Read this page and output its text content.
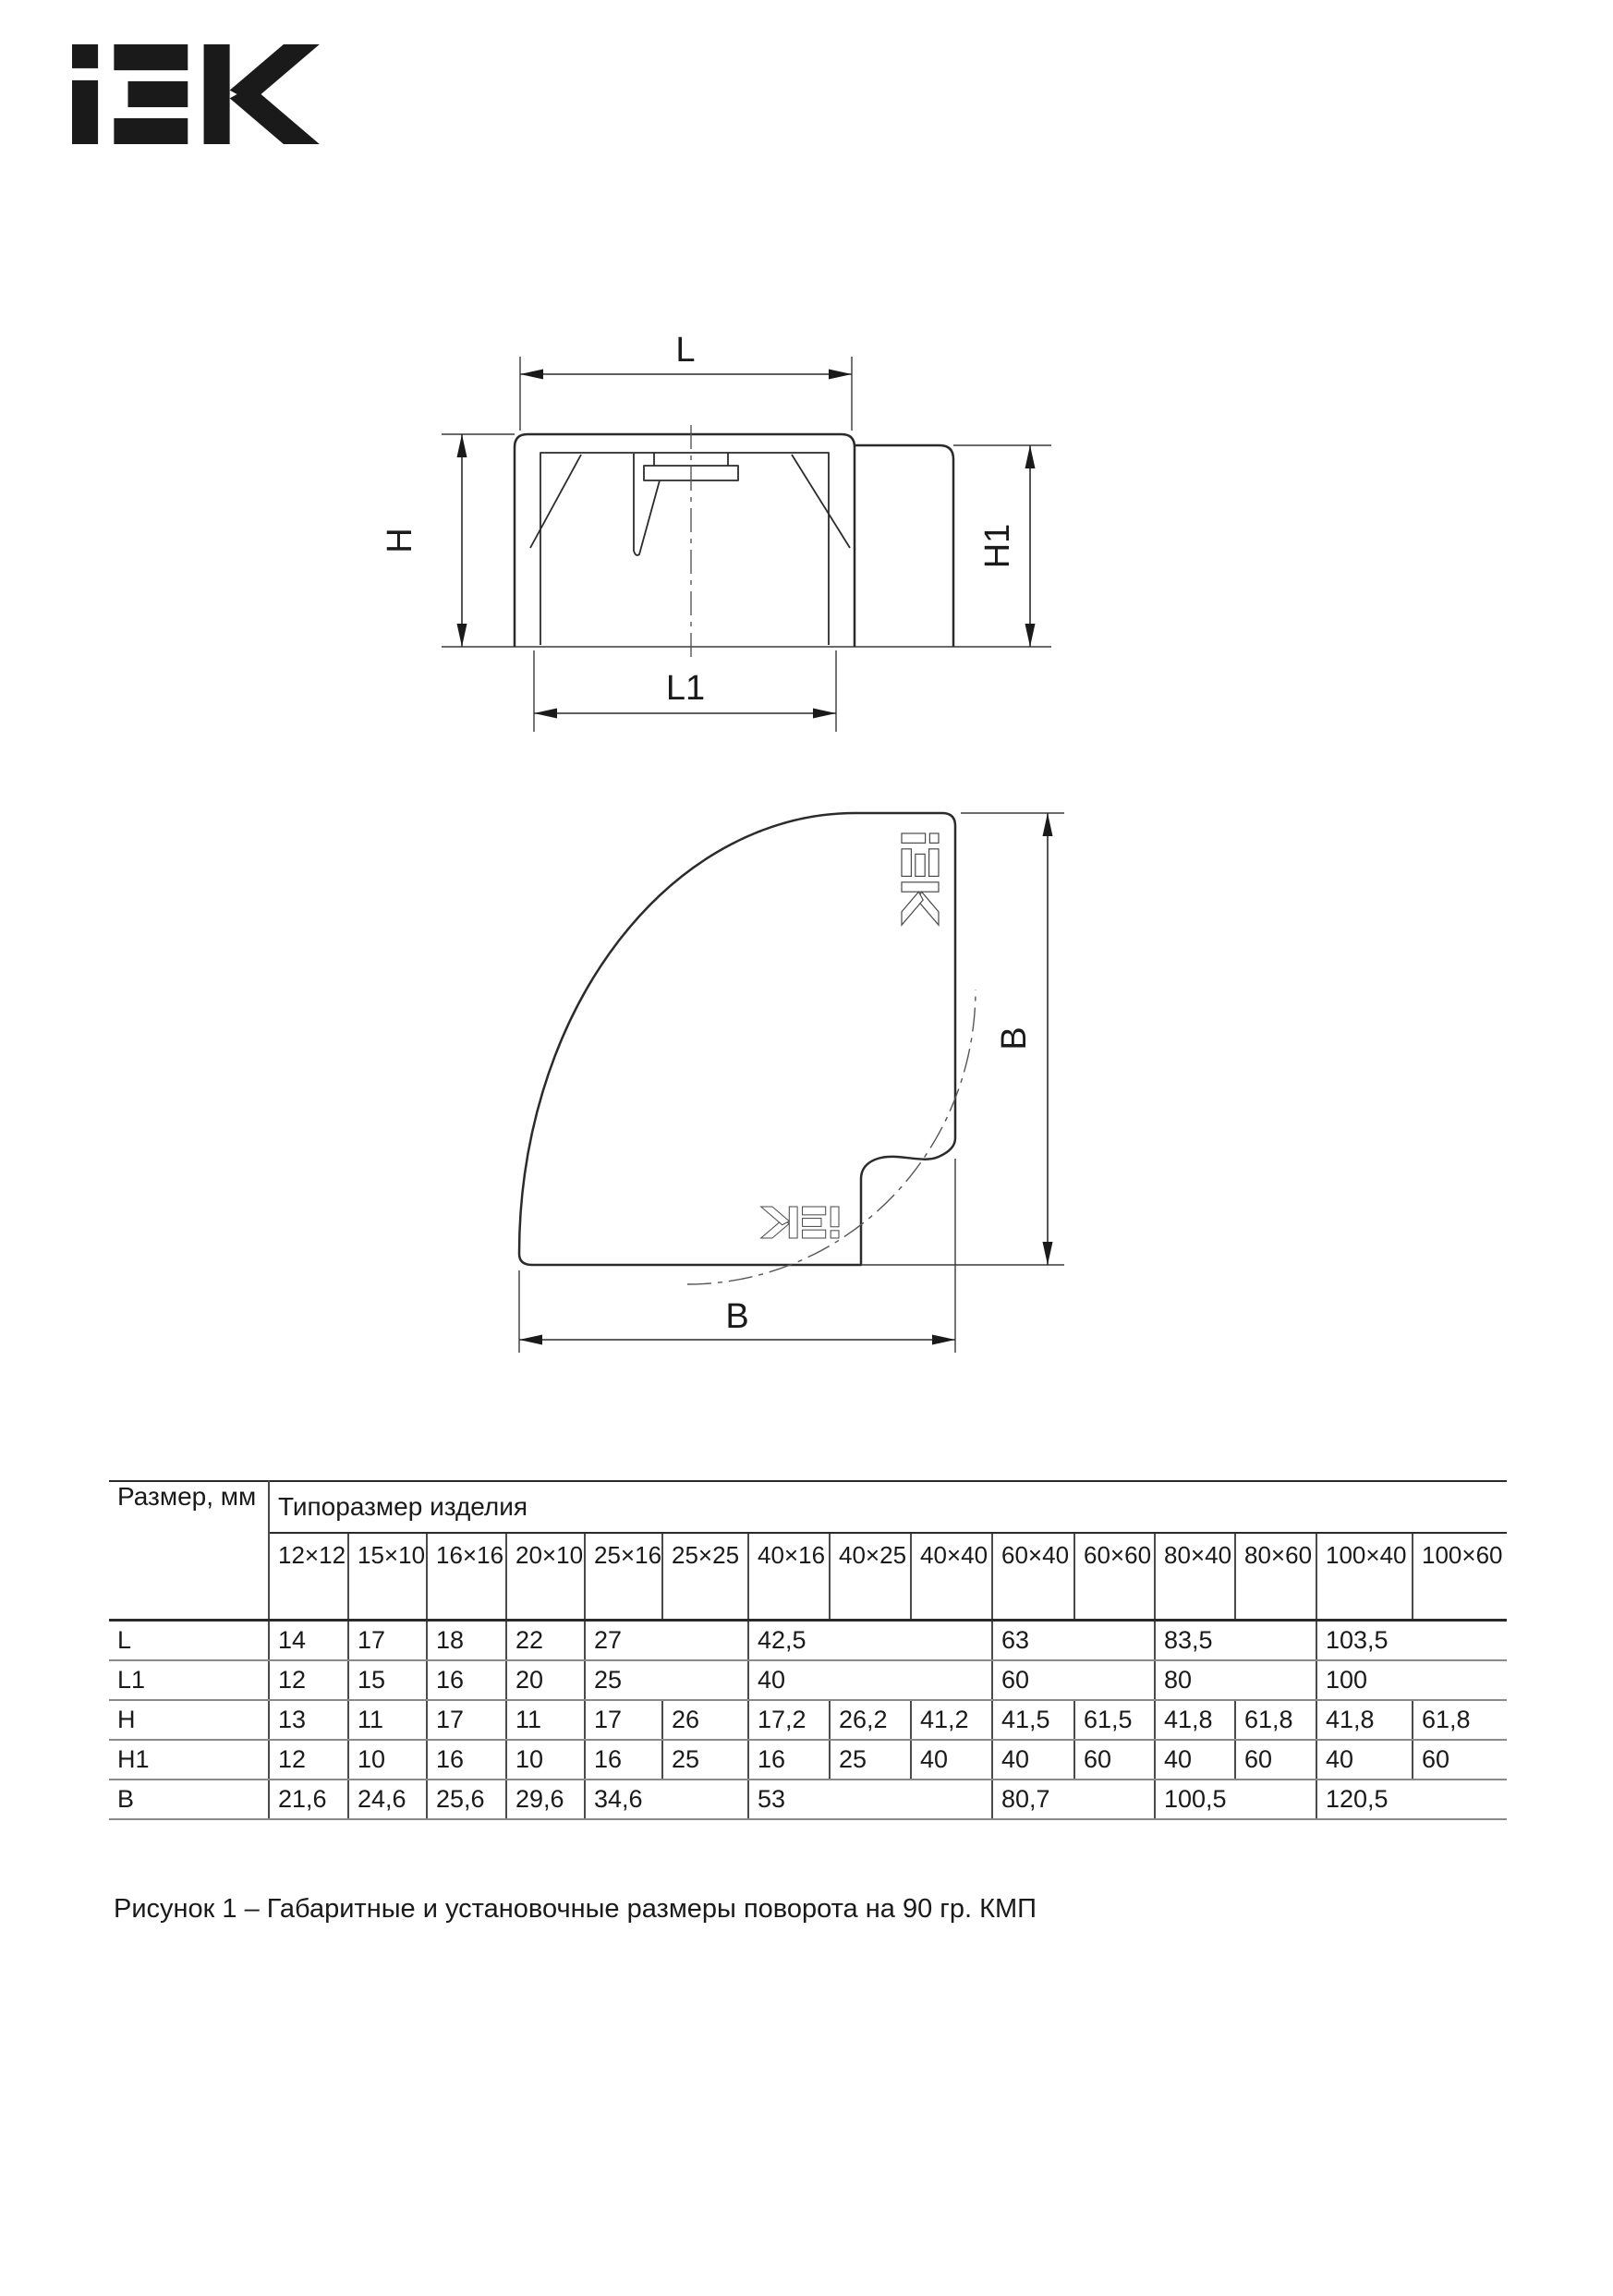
L
H	H1
L1
B
B
Размер, мм	Типоразмер изделия														
	12×12	15×10	16×16	20×10	25×16	25×25	40×16	40×25	40×40	60×40	60×60	80×40	80×60	100×40	100×60
L	14	17	18	22	27		42,5			63		83,5		103,5	
L1	12	15	16	20	25		40			60		80		100	
H	13	11	17	11	17	26	17,2	26,2	41,2	41,5	61,5	41,8	61,8	41,8	61,8
H1	12	10	16	10	16	25	16	25	40	40	60	40	60	40	60
B	21,6	24,6	25,6	29,6	34,6		53			80,7		100,5		120,5	
Рисунок 1 – Габаритные и установочные размеры поворота на 90 гр. КМП
